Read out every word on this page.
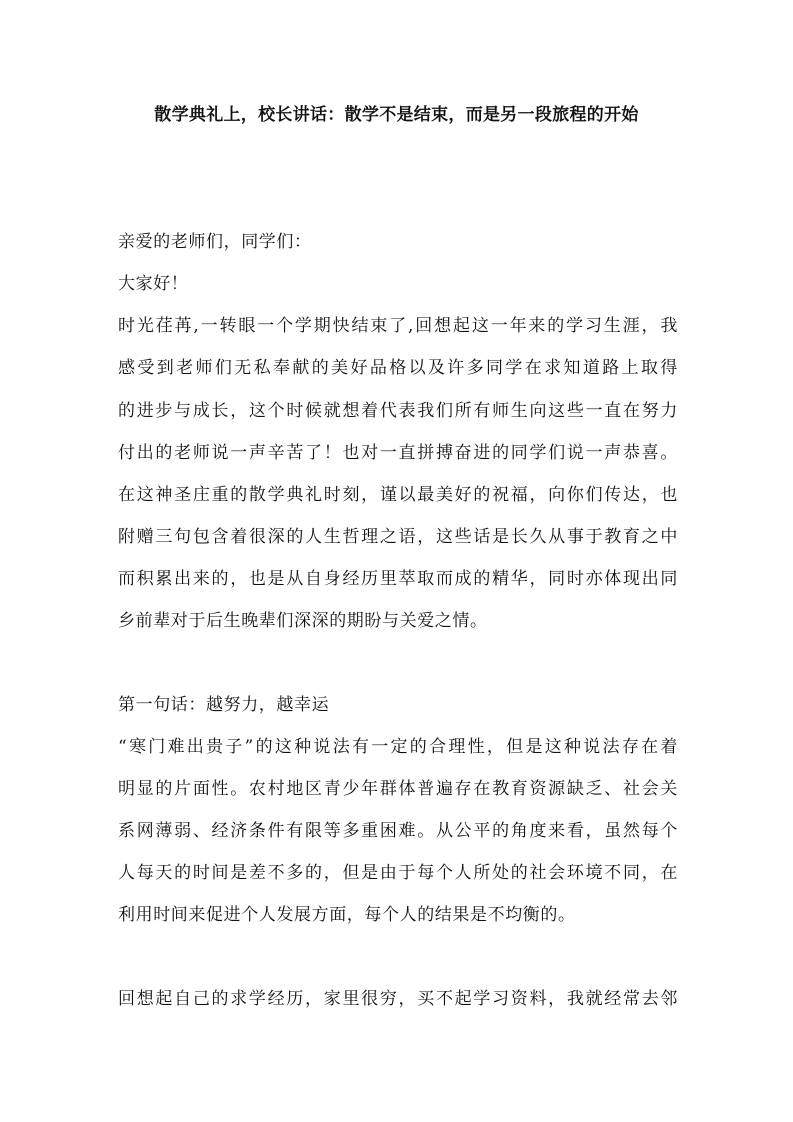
散学典礼上，校长讲话：散学不是结束，而是另一段旅程的开始
亲爱的老师们，同学们：
大家好！
时光荏苒,一转眼一个学期快结束了,回想起这一年来的学习生涯，我
感受到老师们无私奉献的美好品格以及许多同学在求知道路上取得
的进步与成长，这个时候就想着代表我们所有师生向这些一直在努力
付出的老师说一声辛苦了！也对一直拼搏奋进的同学们说一声恭喜。
在这神圣庄重的散学典礼时刻，谨以最美好的祝福，向你们传达，也
附赠三句包含着很深的人生哲理之语，这些话是长久从事于教育之中
而积累出来的，也是从自身经历里萃取而成的精华，同时亦体现出同
乡前辈对于后生晚辈们深深的期盼与关爱之情。
第一句话：越努力，越幸运
“寒门难出贵子”的这种说法有一定的合理性，但是这种说法存在着
明显的片面性。农村地区青少年群体普遍存在教育资源缺乏、社会关
系网薄弱、经济条件有限等多重困难。从公平的角度来看，虽然每个
人每天的时间是差不多的，但是由于每个人所处的社会环境不同，在
利用时间来促进个人发展方面，每个人的结果是不均衡的。
回想起自己的求学经历，家里很穷，买不起学习资料，我就经常去邻
